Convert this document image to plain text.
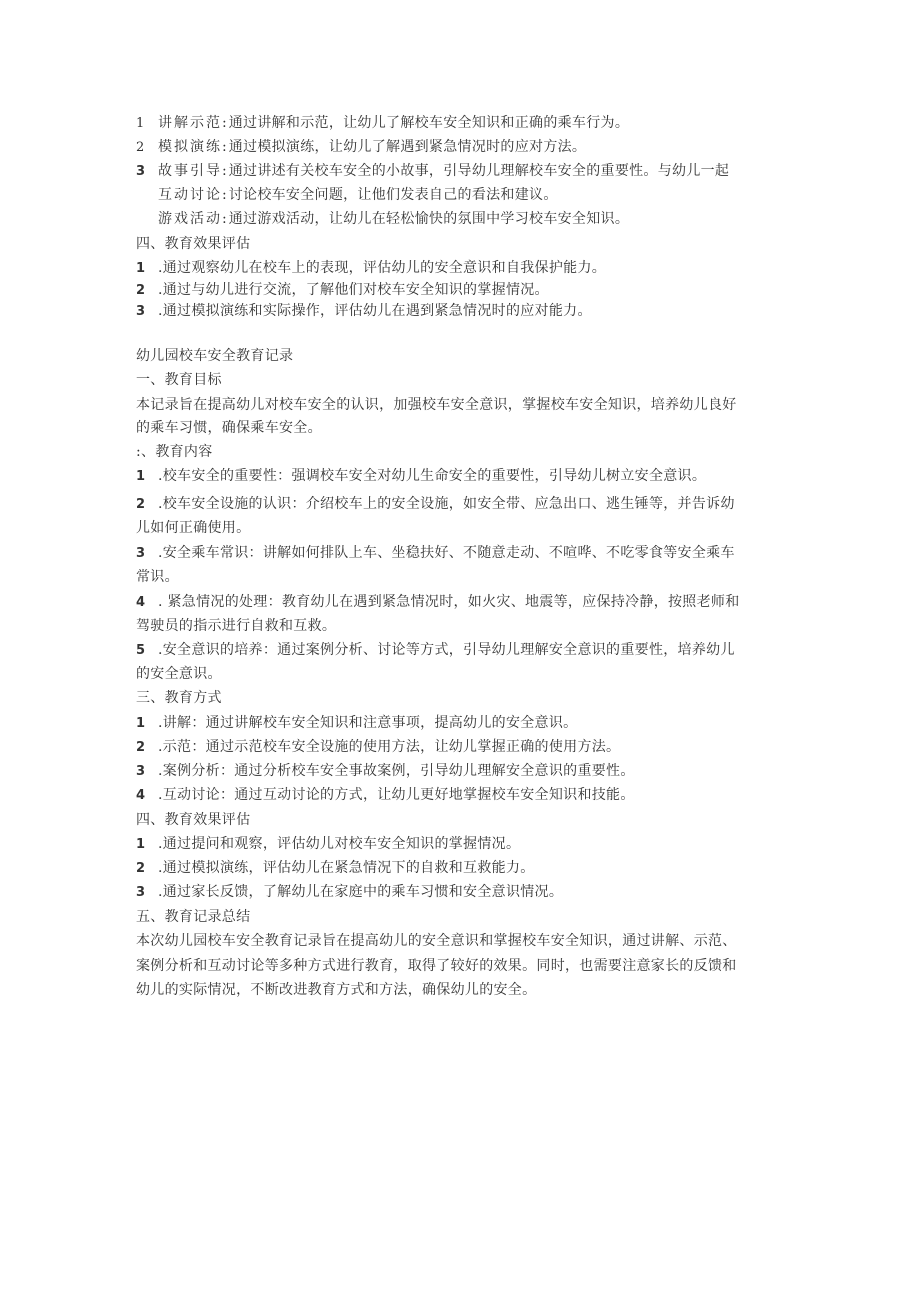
1 讲解示范:通过讲解和示范，让幼儿了解校车安全知识和正确的乘车行为。
2 模拟演练:通过模拟演练，让幼儿了解遇到紧急情况时的应对方法。
3 故事引导:通过讲述有关校车安全的小故事，引导幼儿理解校车安全的重要性。与幼儿一起
互动讨论:讨论校车安全问题，让他们发表自己的看法和建议。
游戏活动:通过游戏活动，让幼儿在轻松愉快的氛围中学习校车安全知识。
四、教育效果评估
1 .通过观察幼儿在校车上的表现，评估幼儿的安全意识和自我保护能力。
2 .通过与幼儿进行交流，了解他们对校车安全知识的掌握情况。
3 .通过模拟演练和实际操作，评估幼儿在遇到紧急情况时的应对能力。
幼儿园校车安全教育记录
一、教育目标
本记录旨在提高幼儿对校车安全的认识，加强校车安全意识，掌握校车安全知识，培养幼儿良好
的乘车习惯，确保乘车安全。
:、教育内容
1 .校车安全的重要性：强调校车安全对幼儿生命安全的重要性，引导幼儿树立安全意识。
2 .校车安全设施的认识：介绍校车上的安全设施，如安全带、应急出口、逃生锤等，并告诉幼
儿如何正确使用。
3 .安全乘车常识：讲解如何排队上车、坐稳扶好、不随意走动、不喧哗、不吃零食等安全乘车
常识。
4 . 紧急情况的处理：教育幼儿在遇到紧急情况时，如火灾、地震等，应保持冷静，按照老师和
驾驶员的指示进行自救和互救。
5 .安全意识的培养：通过案例分析、讨论等方式，引导幼儿理解安全意识的重要性，培养幼儿
的安全意识。
三、教育方式
1 .讲解：通过讲解校车安全知识和注意事项，提高幼儿的安全意识。
2 .示范：通过示范校车安全设施的使用方法，让幼儿掌握正确的使用方法。
3 .案例分析：通过分析校车安全事故案例，引导幼儿理解安全意识的重要性。
4 .互动讨论：通过互动讨论的方式，让幼儿更好地掌握校车安全知识和技能。
四、教育效果评估
1 .通过提问和观察，评估幼儿对校车安全知识的掌握情况。
2 .通过模拟演练，评估幼儿在紧急情况下的自救和互救能力。
3 .通过家长反馈，了解幼儿在家庭中的乘车习惯和安全意识情况。
五、教育记录总结
本次幼儿园校车安全教育记录旨在提高幼儿的安全意识和掌握校车安全知识，通过讲解、示范、
案例分析和互动讨论等多种方式进行教育，取得了较好的效果。同时，也需要注意家长的反馈和
幼儿的实际情况，不断改进教育方式和方法，确保幼儿的安全。
